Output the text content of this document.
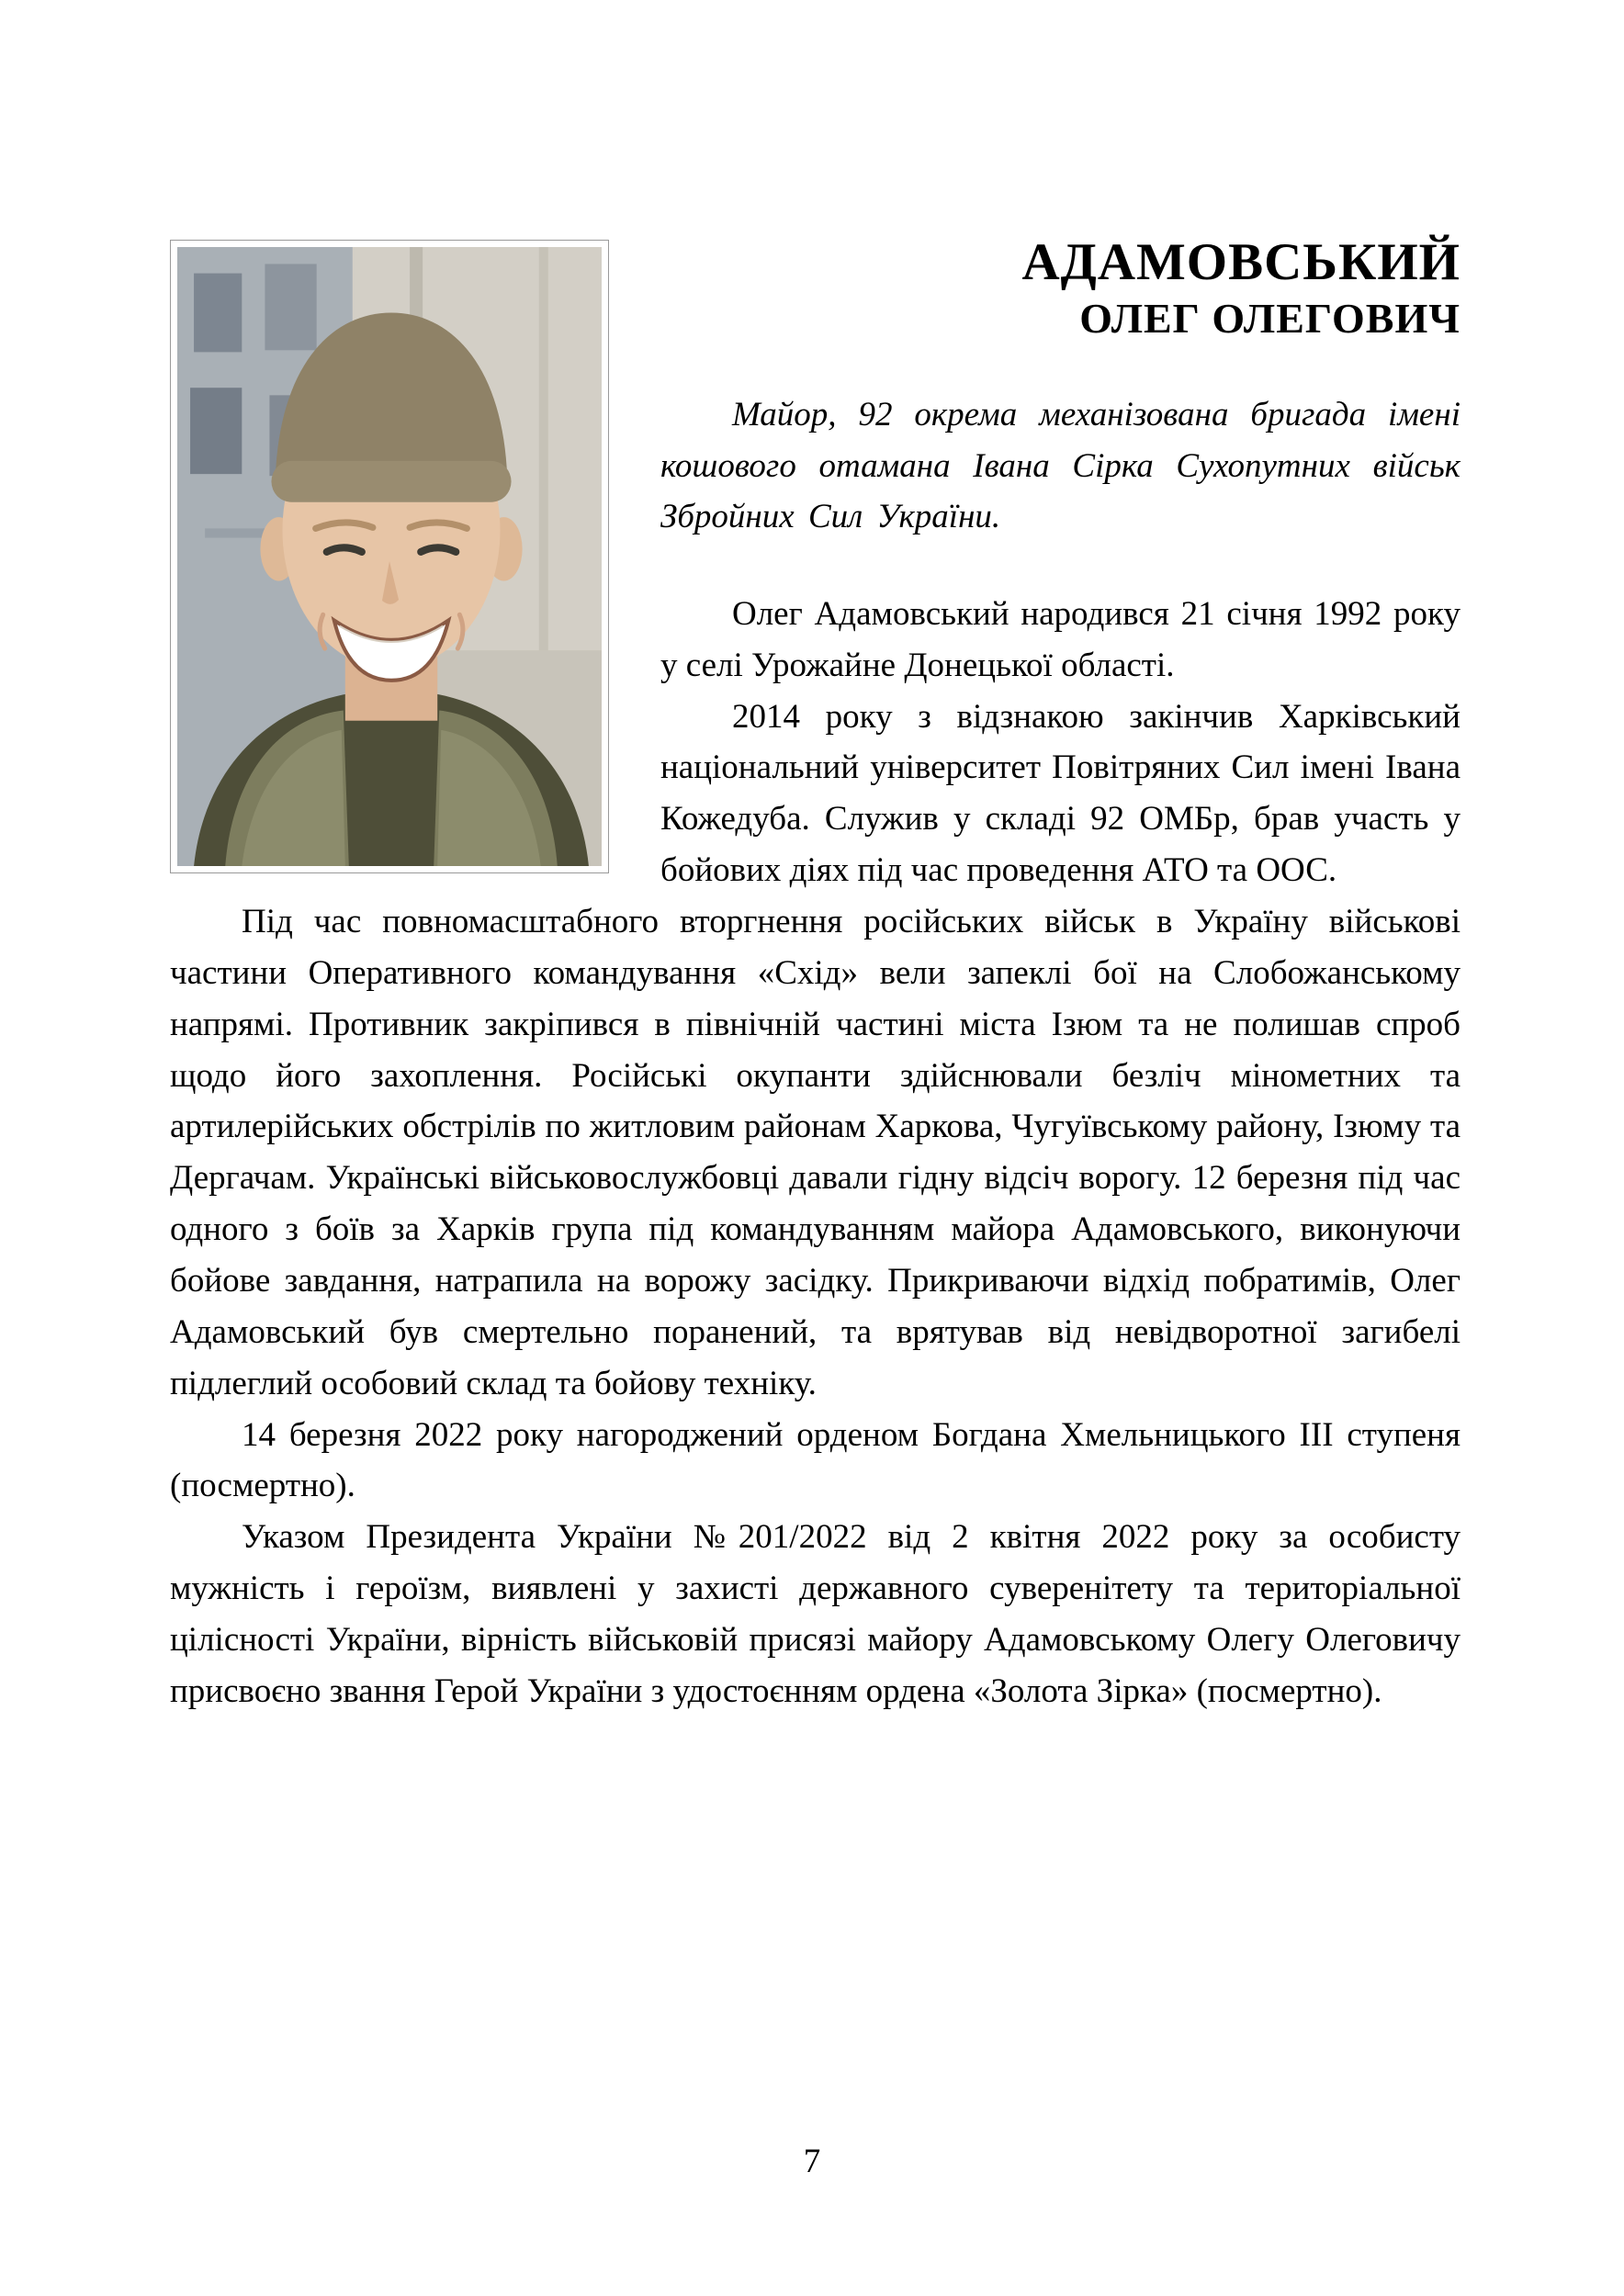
АДАМОВСЬКИЙ
ОЛЕГ ОЛЕГОВИЧ

Майор, 92 окрема механізована бригада імені кошового отамана Івана Сірка Сухопутних військ Збройних Сил України.

Олег Адамовський народився 21 січня 1992 року у селі Урожайне Донецької області.

2014 року з відзнакою закінчив Харківський національний університет Повітряних Сил імені Івана Кожедуба. Служив у складі 92 ОМБр, брав участь у бойових діях під час проведення АТО та ООС.

Під час повномасштабного вторгнення російських військ в Україну військові частини Оперативного командування «Схід» вели запеклі бої на Слобожанському напрямі. Противник закріпився в північній частині міста Ізюм та не полишав спроб щодо його захоплення. Російські окупанти здійснювали безліч мінометних та артилерійських обстрілів по житловим районам Харкова, Чугуївському району, Ізюму та Дергачам. Українські військовослужбовці давали гідну відсіч ворогу. 12 березня під час одного з боїв за Харків група під командуванням майора Адамовського, виконуючи бойове завдання, натрапила на ворожу засідку. Прикриваючи відхід побратимів, Олег Адамовський був смертельно поранений, та врятував від невідворотної загибелі підлеглий особовий склад та бойову техніку.

14 березня 2022 року нагороджений орденом Богдана Хмельницького ІІІ ступеня (посмертно).

Указом Президента України №201/2022 від 2 квітня 2022 року за особисту мужність і героїзм, виявлені у захисті державного суверенітету та територіальної цілісності України, вірність військовій присязі майору Адамовському Олегу Олеговичу присвоєно звання Герой України з удостоєнням ордена «Золота Зірка» (посмертно).

7
